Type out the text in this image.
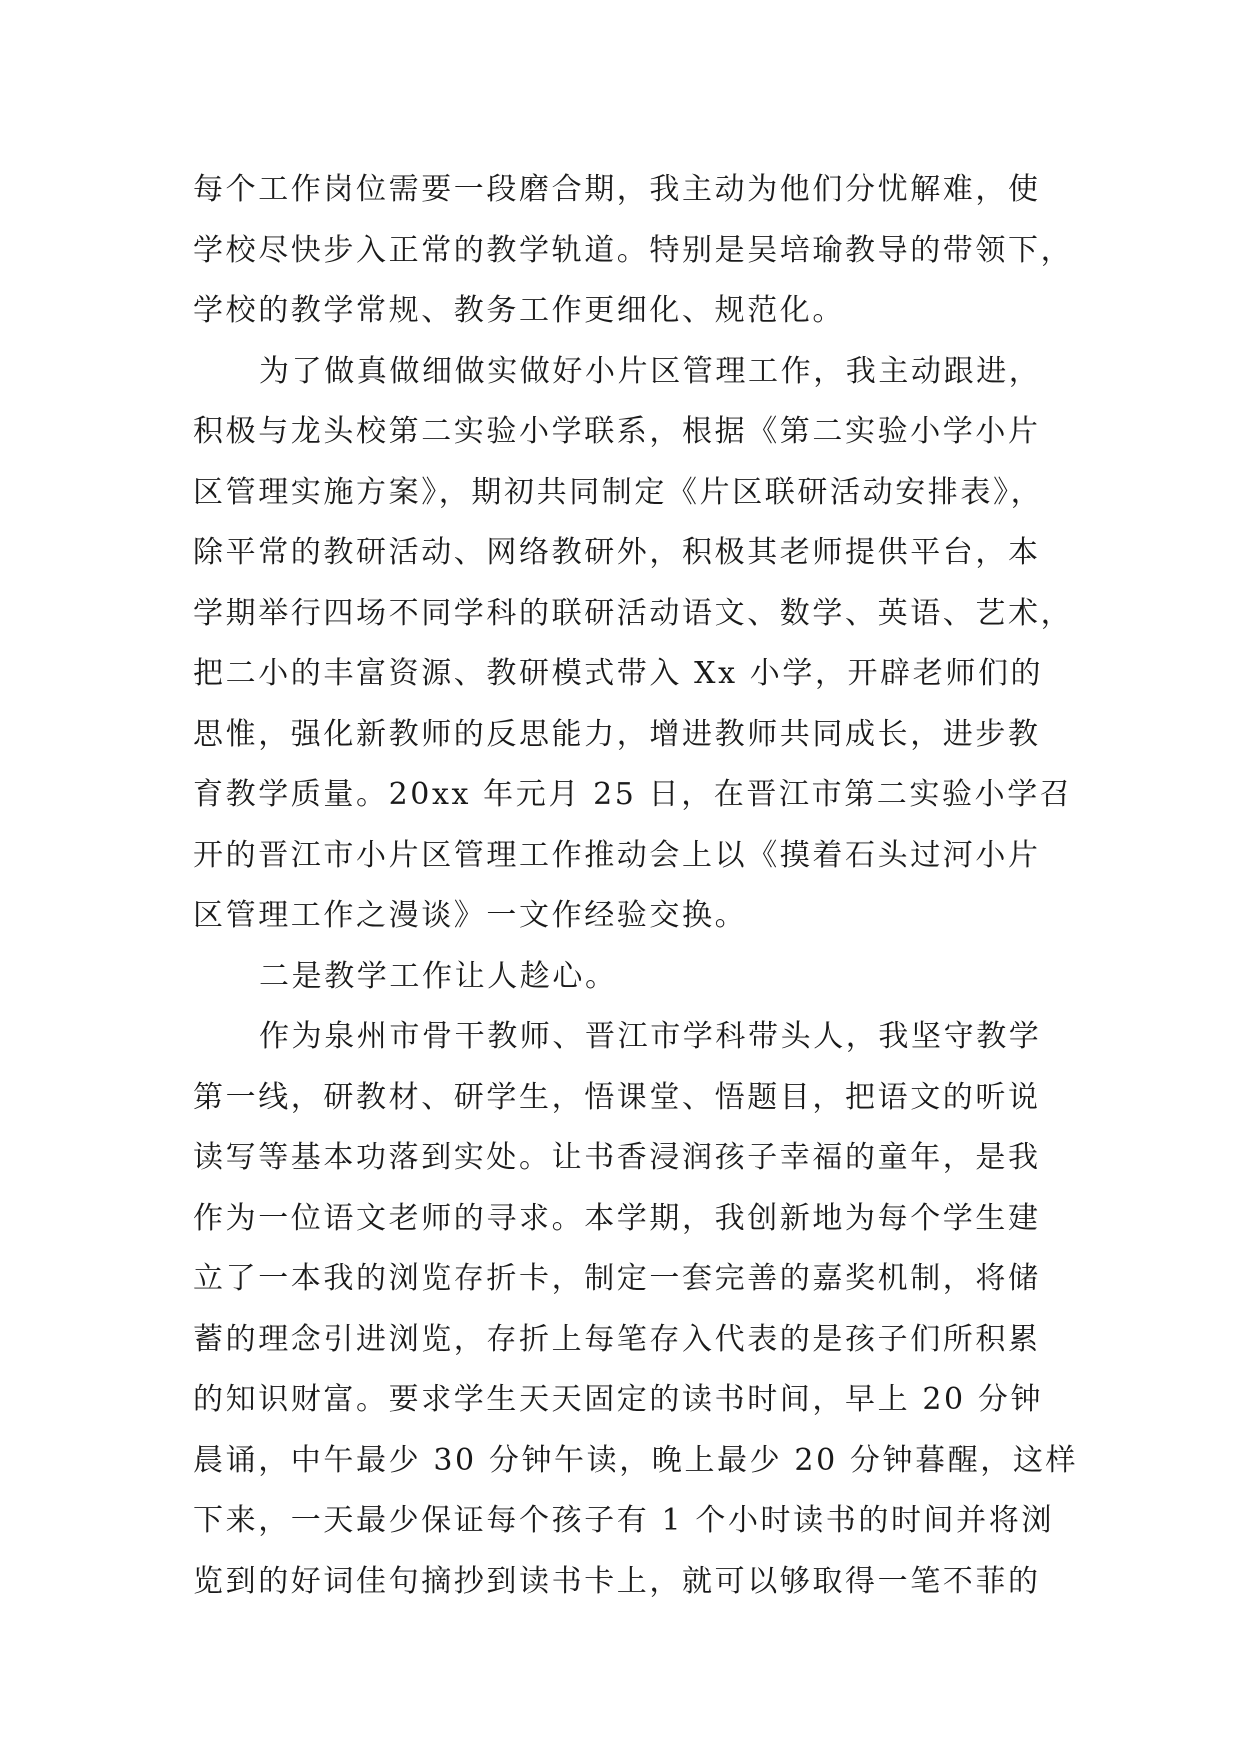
每个工作岗位需要一段磨合期，我主动为他们分忧解难，使
学校尽快步入正常的教学轨道。特别是吴培瑜教导的带领下，
学校的教学常规、教务工作更细化、规范化。
为了做真做细做实做好小片区管理工作，我主动跟进，
积极与龙头校第二实验小学联系，根据《第二实验小学小片
区管理实施方案》，期初共同制定《片区联研活动安排表》，
除平常的教研活动、网络教研外，积极其老师提供平台，本
学期举行四场不同学科的联研活动语文、数学、英语、艺术，
把二小的丰富资源、教研模式带入 Xx 小学，开辟老师们的
思惟，强化新教师的反思能力，增进教师共同成长，进步教
育教学质量。20xx 年元月 25 日，在晋江市第二实验小学召
开的晋江市小片区管理工作推动会上以《摸着石头过河小片
区管理工作之漫谈》一文作经验交换。
二是教学工作让人趁心。
作为泉州市骨干教师、晋江市学科带头人，我坚守教学
第一线，研教材、研学生，悟课堂、悟题目，把语文的听说
读写等基本功落到实处。让书香浸润孩子幸福的童年，是我
作为一位语文老师的寻求。本学期，我创新地为每个学生建
立了一本我的浏览存折卡，制定一套完善的嘉奖机制，将储
蓄的理念引进浏览，存折上每笔存入代表的是孩子们所积累
的知识财富。要求学生天天固定的读书时间，早上 20 分钟
晨诵，中午最少 30 分钟午读，晚上最少 20 分钟暮醒，这样
下来，一天最少保证每个孩子有 1 个小时读书的时间并将浏
览到的好词佳句摘抄到读书卡上，就可以够取得一笔不菲的
